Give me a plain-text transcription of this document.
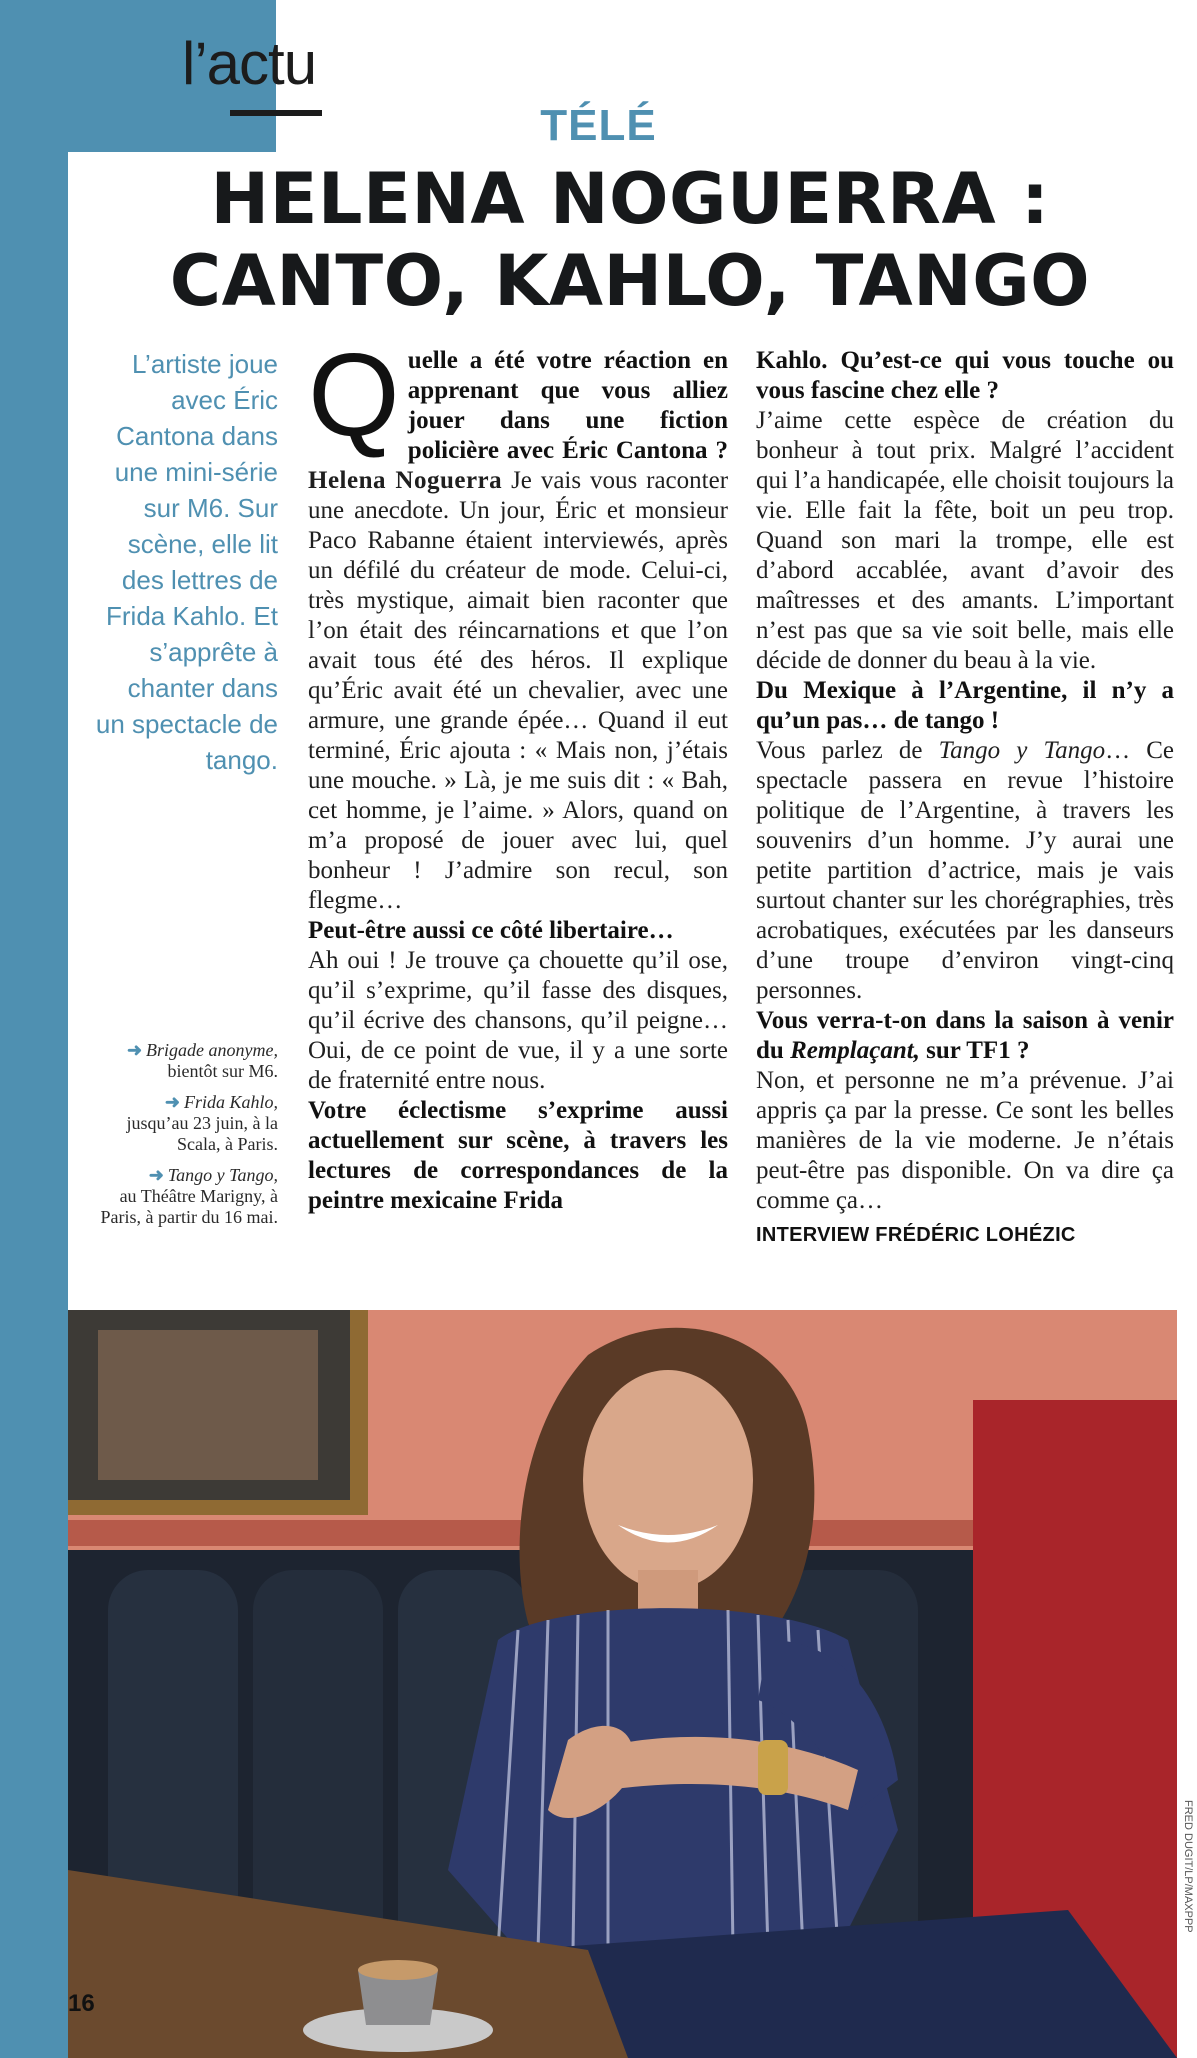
l’actu
TÉLÉ
HELENA NOGUERRA :
CANTO, KAHLO, TANGO
L’artiste joue avec Éric Cantona dans une mini-série sur M6. Sur scène, elle lit des lettres de Frida Kahlo. Et s’apprête à chanter dans un spectacle de tango.

➜ Brigade anonyme,
bientôt sur M6.

➜ Frida Kahlo,
jusqu’au 23 juin, à la Scala, à Paris.

➜ Tango y Tango,
au Théâtre Marigny, à Paris, à partir du 16 mai.

Q uelle a été votre réaction en apprenant que vous alliez jouer dans une fiction policière avec Éric Cantona ? Helena Noguerra Je vais vous raconter une anecdote. Un jour, Éric et monsieur Paco Rabanne étaient interviewés, après un défilé du créateur de mode. Celui-ci, très mystique, aimait bien raconter que l’on était des réincarnations et que l’on avait tous été des héros. Il explique qu’Éric avait été un chevalier, avec une armure, une grande épée… Quand il eut terminé, Éric ajouta : « Mais non, j’étais une mouche. » Là, je me suis dit : « Bah, cet homme, je l’aime. » Alors, quand on m’a proposé de jouer avec lui, quel bonheur ! J’admire son recul, son flegme…

Peut-être aussi ce côté libertaire…

Ah oui ! Je trouve ça chouette qu’il ose, qu’il s’exprime, qu’il fasse des disques, qu’il écrive des chansons, qu’il peigne… Oui, de ce point de vue, il y a une sorte de fraternité entre nous.

Votre éclectisme s’exprime aussi actuellement sur scène, à travers les lectures de correspondances de la peintre mexicaine Frida

Kahlo. Qu’est-ce qui vous touche ou vous fascine chez elle ?

J’aime cette espèce de création du bonheur à tout prix. Malgré l’accident qui l’a handicapée, elle choisit toujours la vie. Elle fait la fête, boit un peu trop. Quand son mari la trompe, elle est d’abord accablée, avant d’avoir des maîtresses et des amants. L’important n’est pas que sa vie soit belle, mais elle décide de donner du beau à la vie.

Du Mexique à l’Argentine, il n’y a qu’un pas… de tango !

Vous parlez de Tango y Tango… Ce spectacle passera en revue l’histoire politique de l’Argentine, à travers les souvenirs d’un homme. J’y aurai une petite partition d’actrice, mais je vais surtout chanter sur les chorégraphies, très acrobatiques, exécutées par les danseurs d’une troupe d’environ vingt-cinq personnes.

Vous verra-t-on dans la saison à venir du Remplaçant, sur TF1 ?

Non, et personne ne m’a prévenue. J’ai appris ça par la presse. Ce sont les belles manières de la vie moderne. Je n’étais peut-être pas disponible. On va dire ça comme ça…

INTERVIEW FRÉDÉRIC LOHÉZIC

FRED DUGIT/LP/MAXPPP
16
